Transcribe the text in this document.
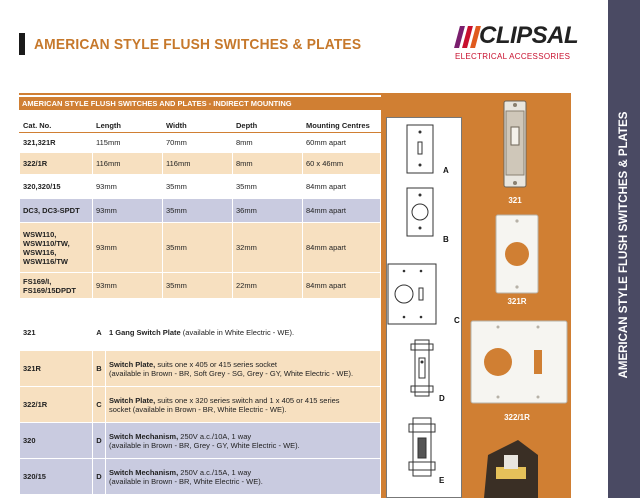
AMERICAN STYLE FLUSH SWITCHES & PLATES	CLIPSAL
ELECTRICAL ACCESSORIES
AMERICAN STYLE FLUSH SWITCHES & PLATES
AMERICAN STYLE FLUSH SWITCHES AND PLATES - INDIRECT MOUNTING
Cat. No.	Length	Width	Depth	Mounting Centres
321,321R	115mm	70mm	8mm	60mm apart
322/1R	116mm	116mm	8mm	60 x 46mm
320,320/15	93mm	35mm	35mm	84mm apart
DC3, DC3-SPDT	93mm	35mm	36mm	84mm apart
WSW110,
WSW110/TW,
WSW116,
WSW116/TW	93mm	35mm	32mm	84mm apart
FS169/I,
FS169/15DPDT	93mm	35mm	22mm	84mm apart
321	A	1 Gang Switch Plate (available in White Electric - WE).

321R	B	Switch Plate, suits one x 405 or 415 series socket
(available in Brown - BR, Soft Grey - SG, Grey - GY, White Electric - WE).
322/1R	C	Switch Plate, suits one x 320 series switch and 1 x 405 or 415 series
socket (available in Brown - BR, White Electric - WE).
320	D	Switch Mechanism, 250V a.c./10A, 1 way
(available in Brown - BR, Grey - GY, White Electric - WE).
320/15	D	Switch Mechanism, 250V a.c./15A, 1 way
(available in Brown - BR, White Electric - WE).
A
B
C
D
E
321
321R
322/1R
